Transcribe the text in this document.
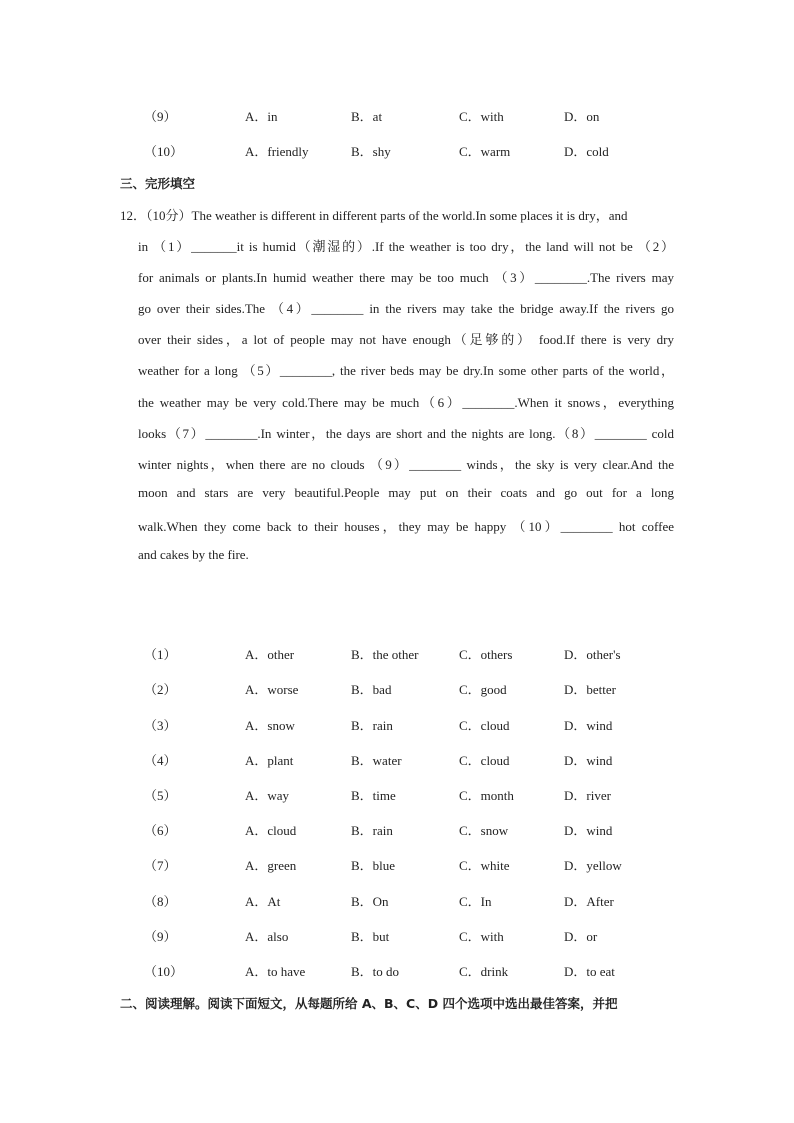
（9）	A．in	B．at	C．with	D．on
（10）	A．friendly	B．shy	C．warm	D．cold
三、完形填空
12．（10分）The weather is different in different parts of the world.In some places it is dry，and
in （1）_______it is humid（潮湿的）.If the weather is too dry，the land will not be （2）
for animals or plants.In humid weather there may be too much （3）________.The rivers may
go over their sides.The （4）________ in the rivers may take the bridge away.If the rivers go
over their sides，a lot of people may not have enough（足够的） food.If there is very dry
weather for a long （5）________, the river beds may be dry.In some other parts of the world，
the weather may be very cold.There may be much（6）________.When it snows，everything
looks（7）________.In winter，the days are short and the nights are long.（8）________ cold
winter nights，when there are no clouds （9）________ winds，the sky is very clear.And the
moon and stars are very beautiful.People may put on their coats and go out for a long
walk.When they come back to their houses，they may be happy （10）________ hot coffee
and cakes by the fire.
（1）	A．other	B．the other	C．others	D．other's
（2）	A．worse	B．bad	C．good	D．better
（3）	A．snow	B．rain	C．cloud	D．wind
（4）	A．plant	B．water	C．cloud	D．wind
（5）	A．way	B．time	C．month	D．river
（6）	A．cloud	B．rain	C．snow	D．wind
（7）	A．green	B．blue	C．white	D．yellow
（8）	A．At	B．On	C．In	D．After
（9）	A．also	B．but	C．with	D．or
（10）	A．to have	B．to do	C．drink	D．to eat
二、阅读理解。阅读下面短文，从每题所给 A、B、C、D 四个选项中选出最佳答案，并把
